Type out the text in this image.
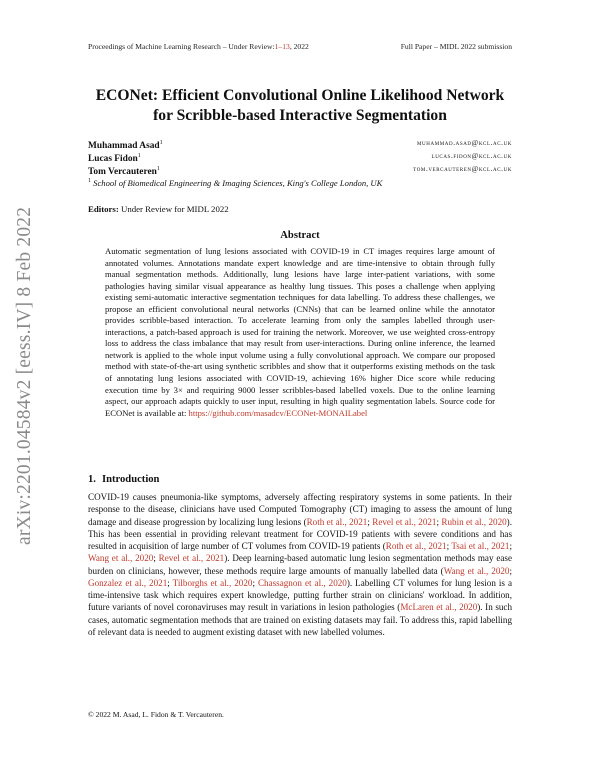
arXiv:2201.04584v2 [eess.IV] 8 Feb 2022
Proceedings of Machine Learning Research – Under Review:1–13, 2022	Full Paper – MIDL 2022 submission
ECONet: Efficient Convolutional Online Likelihood Network
for Scribble-based Interactive Segmentation
Muhammad Asad$^1$	muhammad.asad@kcl.ac.uk
Lucas Fidon$^1$	lucas.fidon@kcl.ac.uk
Tom Vercauteren$^1$	tom.vercauteren@kcl.ac.uk
$^1$ School of Biomedical Engineering & Imaging Sciences, King's College London, UK
Editors: Under Review for MIDL 2022
Abstract
Automatic segmentation of lung lesions associated with COVID-19 in CT images requires large amount of annotated volumes. Annotations mandate expert knowledge and are time-intensive to obtain through fully manual segmentation methods. Additionally, lung lesions have large inter-patient variations, with some pathologies having similar visual appearance as healthy lung tissues. This poses a challenge when applying existing semi-automatic interactive segmentation techniques for data labelling. To address these challenges, we propose an efficient convolutional neural networks (CNNs) that can be learned online while the annotator provides scribble-based interaction. To accelerate learning from only the samples labelled through user-interactions, a patch-based approach is used for training the network. Moreover, we use weighted cross-entropy loss to address the class imbalance that may result from user-interactions. During online inference, the learned network is applied to the whole input volume using a fully convolutional approach. We compare our proposed method with state-of-the-art using synthetic scribbles and show that it outperforms existing methods on the task of annotating lung lesions associated with COVID-19, achieving 16% higher Dice score while reducing execution time by 3× and requiring 9000 lesser scribbles-based labelled voxels. Due to the online learning aspect, our approach adapts quickly to user input, resulting in high quality segmentation labels. Source code for ECONet is available at: https://github.com/masadcv/ECONet-MONAILabel
1. Introduction
COVID-19 causes pneumonia-like symptoms, adversely affecting respiratory systems in some patients. In their response to the disease, clinicians have used Computed Tomography (CT) imaging to assess the amount of lung damage and disease progression by localizing lung lesions (Roth et al., 2021; Revel et al., 2021; Rubin et al., 2020). This has been essential in providing relevant treatment for COVID-19 patients with severe conditions and has resulted in acquisition of large number of CT volumes from COVID-19 patients (Roth et al., 2021; Tsai et al., 2021; Wang et al., 2020; Revel et al., 2021). Deep learning-based automatic lung lesion segmentation methods may ease burden on clinicians, however, these methods require large amounts of manually labelled data (Wang et al., 2020; Gonzalez et al., 2021; Tilborghs et al., 2020; Chassagnon et al., 2020). Labelling CT volumes for lung lesion is a time-intensive task which requires expert knowledge, putting further strain on clinicians' workload. In addition, future variants of novel coronaviruses may result in variations in lesion pathologies (McLaren et al., 2020). In such cases, automatic segmentation methods that are trained on existing datasets may fail. To address this, rapid labelling of relevant data is needed to augment existing dataset with new labelled volumes.
© 2022 M. Asad, L. Fidon & T. Vercauteren.
